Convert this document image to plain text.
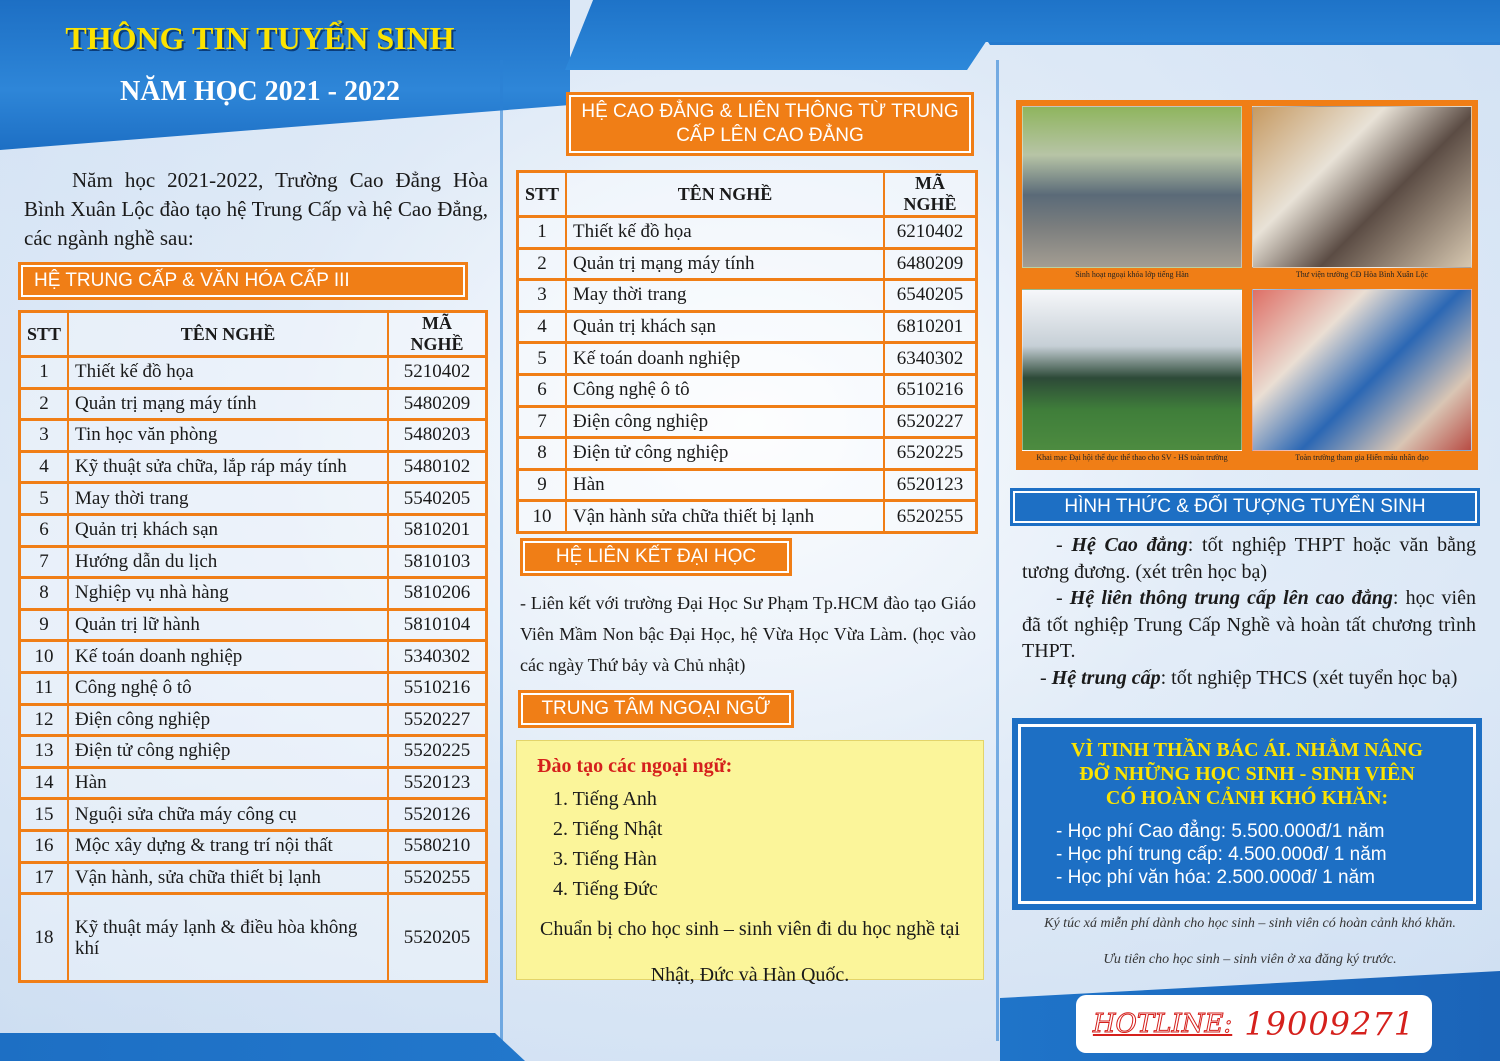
THÔNG TIN TUYỂN SINH
NĂM HỌC 2021 - 2022
Năm học 2021-2022, Trường Cao Đẳng Hòa Bình Xuân Lộc đào tạo hệ Trung Cấp và hệ Cao Đẳng, các ngành nghề sau:
HỆ TRUNG CẤP & VĂN HÓA CẤP III
STT	TÊN NGHỀ	MÃ NGHỀ
1	Thiết kế đồ họa	5210402
2	Quản trị mạng máy tính	5480209
3	Tin học văn phòng	5480203
4	Kỹ thuật sửa chữa, lắp ráp máy tính	5480102
5	May thời trang	5540205
6	Quản trị khách sạn	5810201
7	Hướng dẫn du lịch	5810103
8	Nghiệp vụ nhà hàng	5810206
9	Quản trị lữ hành	5810104
10	Kế toán doanh nghiệp	5340302
11	Công nghệ ô tô	5510216
12	Điện công nghiệp	5520227
13	Điện tử công nghiệp	5520225
14	Hàn	5520123
15	Nguội sửa chữa máy công cụ	5520126
16	Mộc xây dựng & trang trí nội thất	5580210
17	Vận hành, sửa chữa thiết bị lạnh	5520255
18	Kỹ thuật máy lạnh & điều hòa không khí	5520205
HỆ CAO ĐẲNG & LIÊN THÔNG TỪ TRUNG CẤP LÊN CAO ĐẲNG
STT	TÊN NGHỀ	MÃ NGHỀ
1	Thiết kế đồ họa	6210402
2	Quản trị mạng máy tính	6480209
3	May thời trang	6540205
4	Quản trị khách sạn	6810201
5	Kế toán doanh nghiệp	6340302
6	Công nghệ ô tô	6510216
7	Điện công nghiệp	6520227
8	Điện tử công nghiệp	6520225
9	Hàn	6520123
10	Vận hành sửa chữa thiết bị lạnh	6520255
HỆ LIÊN KẾT ĐẠI HỌC
- Liên kết với trường Đại Học Sư Phạm Tp.HCM đào tạo Giáo Viên Mầm Non bậc Đại Học, hệ Vừa Học Vừa Làm. (học vào các ngày Thứ bảy và Chủ nhật)
TRUNG TÂM NGOẠI NGỮ
Đào tạo các ngoại ngữ:
1. Tiếng Anh
2. Tiếng Nhật
3. Tiếng Hàn
4. Tiếng Đức
Chuẩn bị cho học sinh – sinh viên đi du học nghề tại Nhật, Đức và Hàn Quốc.
Sinh hoạt ngoại khóa lớp tiếng Hàn	Thư viện trường CĐ Hòa Bình Xuân Lộc
Khai mạc Đại hội thể dục thể thao cho SV - HS toàn trường	Toàn trường tham gia Hiến máu nhân đạo
HÌNH THỨC & ĐỐI TƯỢNG TUYỂN SINH

- Hệ Cao đẳng: tốt nghiệp THPT hoặc văn bằng tương đương. (xét trên học bạ)

- Hệ liên thông trung cấp lên cao đẳng: học viên đã tốt nghiệp Trung Cấp Nghề và hoàn tất chương trình THPT.

- Hệ trung cấp: tốt nghiệp THCS (xét tuyển học bạ)

VÌ TINH THẦN BÁC ÁI. NHẰM NÂNG
ĐỠ NHỮNG HỌC SINH - SINH VIÊN
CÓ HOÀN CẢNH KHÓ KHĂN:
- Học phí Cao đẳng: 5.500.000đ/1 năm
- Học phí trung cấp: 4.500.000đ/ 1 năm
- Học phí văn hóa: 2.500.000đ/ 1 năm
Ký túc xá miễn phí dành cho học sinh – sinh viên có hoàn cảnh khó khăn.
Ưu tiên cho học sinh – sinh viên ở xa đăng ký trước.
HOTLINE: 19009271
